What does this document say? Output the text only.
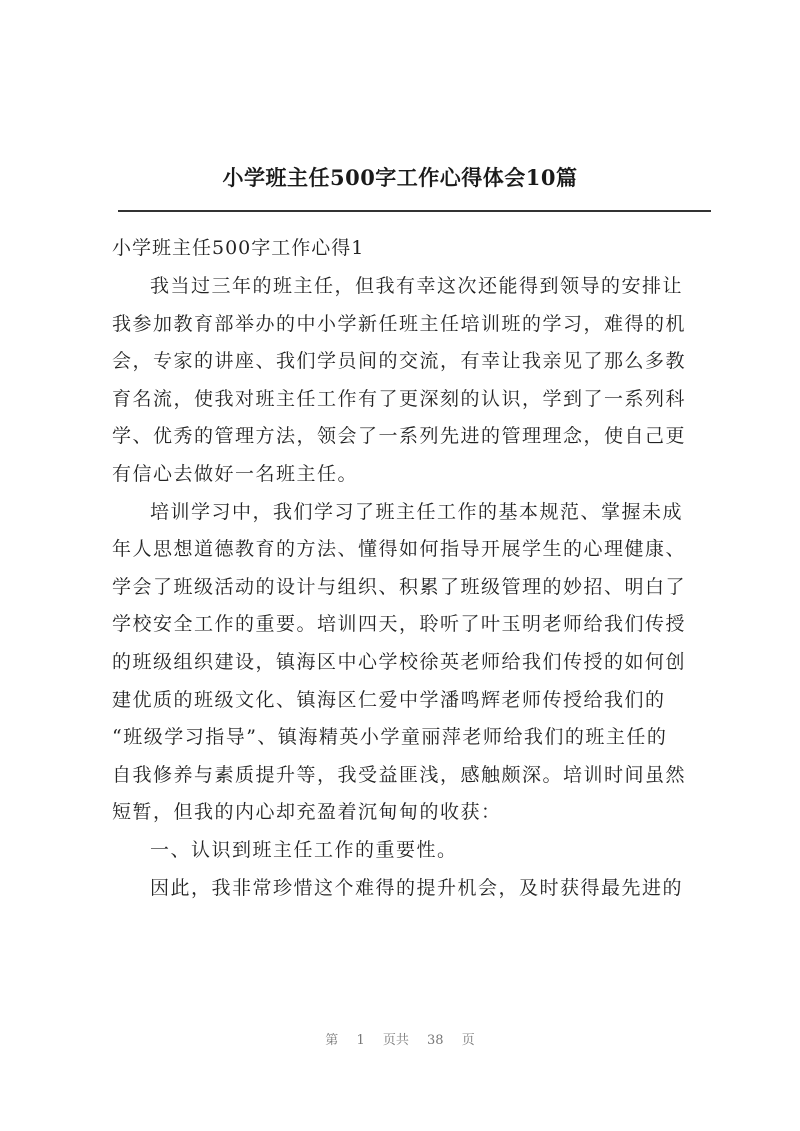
小学班主任500字工作心得体会10篇
小学班主任500字工作心得1
我当过三年的班主任，但我有幸这次还能得到领导的安排让
我参加教育部举办的中小学新任班主任培训班的学习，难得的机
会，专家的讲座、我们学员间的交流，有幸让我亲见了那么多教
育名流，使我对班主任工作有了更深刻的认识，学到了一系列科
学、优秀的管理方法，领会了一系列先进的管理理念，使自己更
有信心去做好一名班主任。
培训学习中，我们学习了班主任工作的基本规范、掌握未成
年人思想道德教育的方法、懂得如何指导开展学生的心理健康、
学会了班级活动的设计与组织、积累了班级管理的妙招、明白了
学校安全工作的重要。培训四天，聆听了叶玉明老师给我们传授
的班级组织建设，镇海区中心学校徐英老师给我们传授的如何创
建优质的班级文化、镇海区仁爱中学潘鸣辉老师传授给我们的
“班级学习指导”、镇海精英小学童丽萍老师给我们的班主任的
自我修养与素质提升等，我受益匪浅，感触颇深。培训时间虽然
短暂，但我的内心却充盈着沉甸甸的收获：
一、认识到班主任工作的重要性。
因此，我非常珍惜这个难得的提升机会，及时获得最先进的
第 1 页共 38 页
